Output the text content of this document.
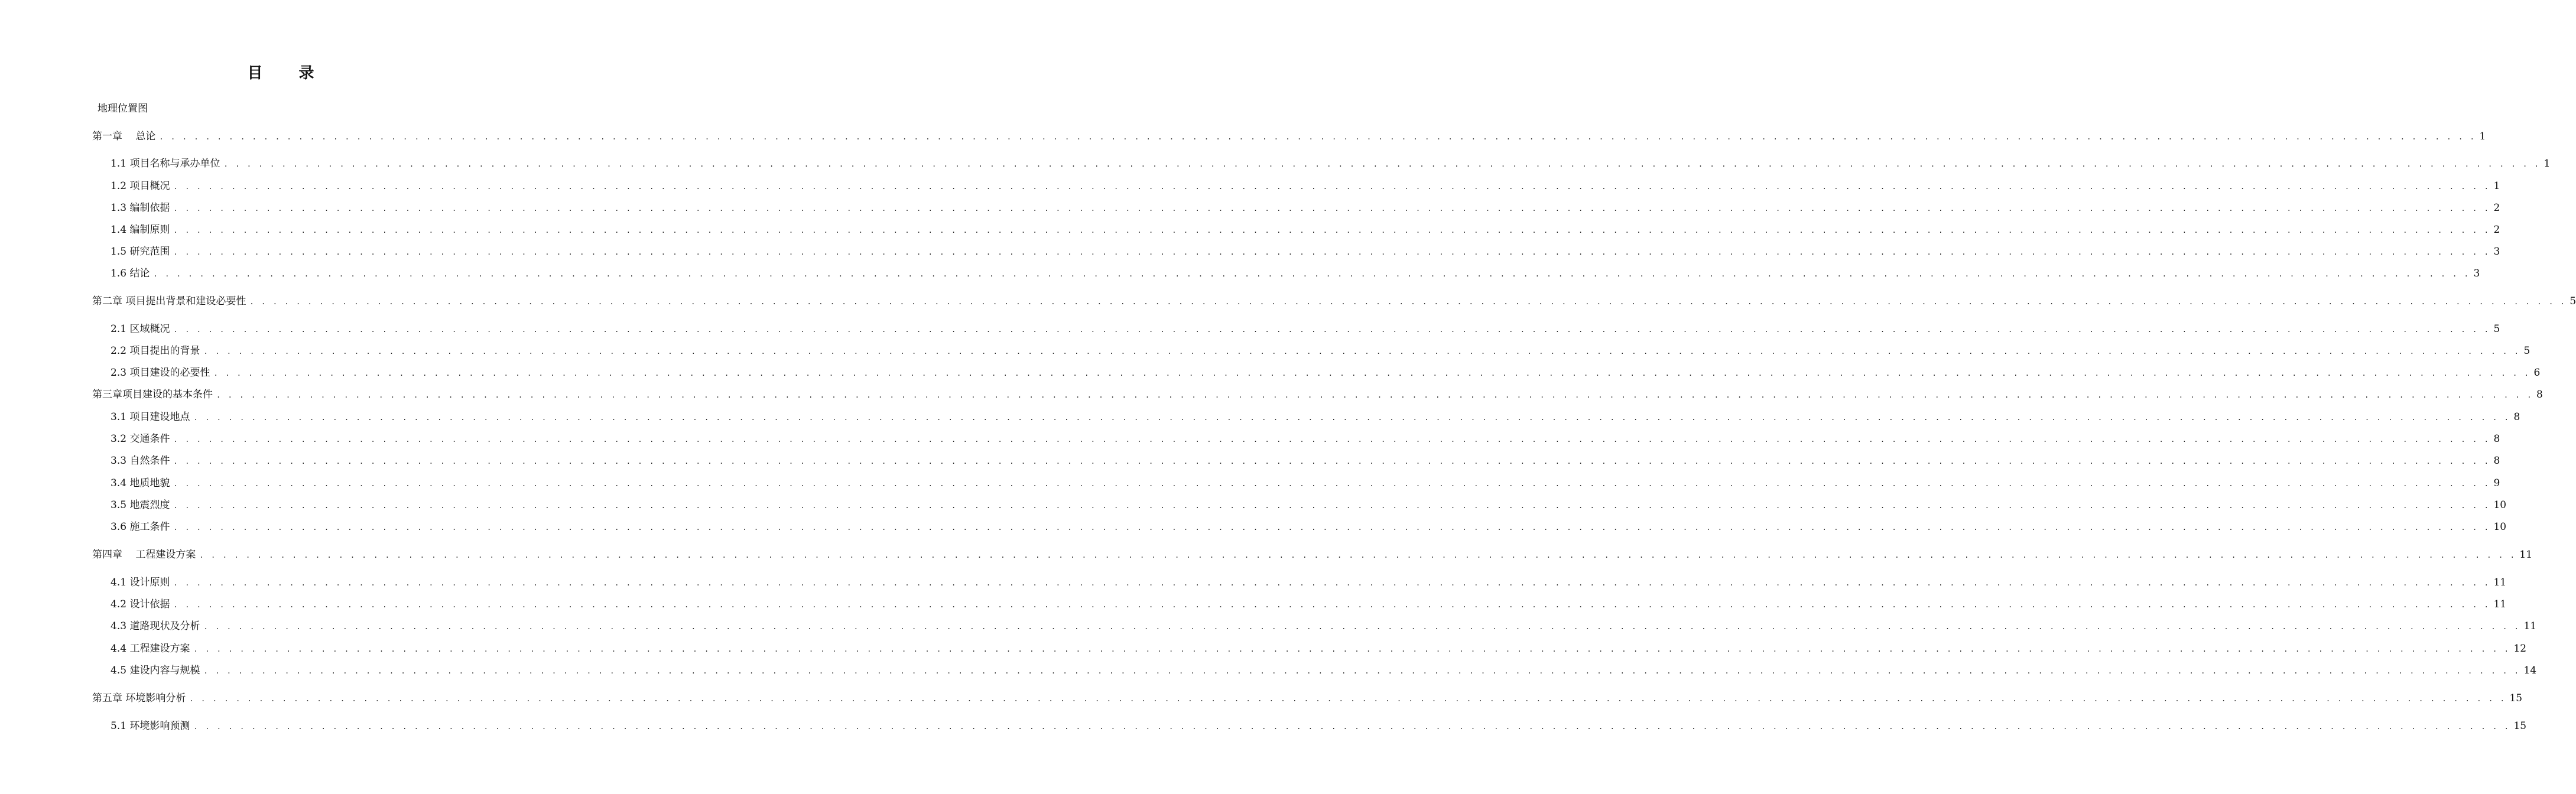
目 录
地理位置图
第一章　 总论 . . . . . . . . . . . . . . . . . . . . . . . . . . . . . . . . . . . . . . . . . . . . . . . . . . . . . . . . . . . . . . . . . . . . . . . . . . . . . . . . . . . . . . . . . . . . . . . . . . . . . . . . . . . . . . . . . . . . . . . . . . . . . . . . . . . . . . . . . . . . . . . . . . . . . . . . . . . . . . . . . . . . . . . . . . . . . . . . . . . . . . . . . . . . . . . . . . . . . . . . 1
1.1 项目名称与承办单位 . . . . . . . . . . . . . . . . . . . . . . . . . . . . . . . . . . . . . . . . . . . . . . . . . . . . . . . . . . . . . . . . . . . . . . . . . . . . . . . . . . . . . . . . . . . . . . . . . . . . . . . . . . . . . . . . . . . . . . . . . . . . . . . . . . . . . . . . . . . . . . . . . . . . . . . . . . . . . . . . . . . . . . . . . . . . . . . . . . . . . . . . . . . . . . . . . . . . . . . . 1
1.2 项目概况 . . . . . . . . . . . . . . . . . . . . . . . . . . . . . . . . . . . . . . . . . . . . . . . . . . . . . . . . . . . . . . . . . . . . . . . . . . . . . . . . . . . . . . . . . . . . . . . . . . . . . . . . . . . . . . . . . . . . . . . . . . . . . . . . . . . . . . . . . . . . . . . . . . . . . . . . . . . . . . . . . . . . . . . . . . . . . . . . . . . . . . . . . . . . . . . . . . . . . . . . 1
1.3 编制依据 . . . . . . . . . . . . . . . . . . . . . . . . . . . . . . . . . . . . . . . . . . . . . . . . . . . . . . . . . . . . . . . . . . . . . . . . . . . . . . . . . . . . . . . . . . . . . . . . . . . . . . . . . . . . . . . . . . . . . . . . . . . . . . . . . . . . . . . . . . . . . . . . . . . . . . . . . . . . . . . . . . . . . . . . . . . . . . . . . . . . . . . . . . . . . . . . . . . . . . . . 2
1.4 编制原则 . . . . . . . . . . . . . . . . . . . . . . . . . . . . . . . . . . . . . . . . . . . . . . . . . . . . . . . . . . . . . . . . . . . . . . . . . . . . . . . . . . . . . . . . . . . . . . . . . . . . . . . . . . . . . . . . . . . . . . . . . . . . . . . . . . . . . . . . . . . . . . . . . . . . . . . . . . . . . . . . . . . . . . . . . . . . . . . . . . . . . . . . . . . . . . . . . . . . . . . . 2
1.5 研究范围 . . . . . . . . . . . . . . . . . . . . . . . . . . . . . . . . . . . . . . . . . . . . . . . . . . . . . . . . . . . . . . . . . . . . . . . . . . . . . . . . . . . . . . . . . . . . . . . . . . . . . . . . . . . . . . . . . . . . . . . . . . . . . . . . . . . . . . . . . . . . . . . . . . . . . . . . . . . . . . . . . . . . . . . . . . . . . . . . . . . . . . . . . . . . . . . . . . . . . . . . 3
1.6 结论 . . . . . . . . . . . . . . . . . . . . . . . . . . . . . . . . . . . . . . . . . . . . . . . . . . . . . . . . . . . . . . . . . . . . . . . . . . . . . . . . . . . . . . . . . . . . . . . . . . . . . . . . . . . . . . . . . . . . . . . . . . . . . . . . . . . . . . . . . . . . . . . . . . . . . . . . . . . . . . . . . . . . . . . . . . . . . . . . . . . . . . . . . . . . . . . . . . . . . . . . 3
第二章 项目提出背景和建设必要性 . . . . . . . . . . . . . . . . . . . . . . . . . . . . . . . . . . . . . . . . . . . . . . . . . . . . . . . . . . . . . . . . . . . . . . . . . . . . . . . . . . . . . . . . . . . . . . . . . . . . . . . . . . . . . . . . . . . . . . . . . . . . . . . . . . . . . . . . . . . . . . . . . . . . . . . . . . . . . . . . . . . . . . . . . . . . . . . . . . . . . . . . . . . . . . . . . . . . . . . . 5
2.1 区域概况 . . . . . . . . . . . . . . . . . . . . . . . . . . . . . . . . . . . . . . . . . . . . . . . . . . . . . . . . . . . . . . . . . . . . . . . . . . . . . . . . . . . . . . . . . . . . . . . . . . . . . . . . . . . . . . . . . . . . . . . . . . . . . . . . . . . . . . . . . . . . . . . . . . . . . . . . . . . . . . . . . . . . . . . . . . . . . . . . . . . . . . . . . . . . . . . . . . . . . . . . 5
2.2 项目提出的背景 . . . . . . . . . . . . . . . . . . . . . . . . . . . . . . . . . . . . . . . . . . . . . . . . . . . . . . . . . . . . . . . . . . . . . . . . . . . . . . . . . . . . . . . . . . . . . . . . . . . . . . . . . . . . . . . . . . . . . . . . . . . . . . . . . . . . . . . . . . . . . . . . . . . . . . . . . . . . . . . . . . . . . . . . . . . . . . . . . . . . . . . . . . . . . . . . . . . . . . . . 5
2.3 项目建设的必要性 . . . . . . . . . . . . . . . . . . . . . . . . . . . . . . . . . . . . . . . . . . . . . . . . . . . . . . . . . . . . . . . . . . . . . . . . . . . . . . . . . . . . . . . . . . . . . . . . . . . . . . . . . . . . . . . . . . . . . . . . . . . . . . . . . . . . . . . . . . . . . . . . . . . . . . . . . . . . . . . . . . . . . . . . . . . . . . . . . . . . . . . . . . . . . . . . . . . . . . . . 6
第三章项目建设的基本条件 . . . . . . . . . . . . . . . . . . . . . . . . . . . . . . . . . . . . . . . . . . . . . . . . . . . . . . . . . . . . . . . . . . . . . . . . . . . . . . . . . . . . . . . . . . . . . . . . . . . . . . . . . . . . . . . . . . . . . . . . . . . . . . . . . . . . . . . . . . . . . . . . . . . . . . . . . . . . . . . . . . . . . . . . . . . . . . . . . . . . . . . . . . . . . . . . . . . . . . . . 8
3.1 项目建设地点 . . . . . . . . . . . . . . . . . . . . . . . . . . . . . . . . . . . . . . . . . . . . . . . . . . . . . . . . . . . . . . . . . . . . . . . . . . . . . . . . . . . . . . . . . . . . . . . . . . . . . . . . . . . . . . . . . . . . . . . . . . . . . . . . . . . . . . . . . . . . . . . . . . . . . . . . . . . . . . . . . . . . . . . . . . . . . . . . . . . . . . . . . . . . . . . . . . . . . . . . 8
3.2 交通条件 . . . . . . . . . . . . . . . . . . . . . . . . . . . . . . . . . . . . . . . . . . . . . . . . . . . . . . . . . . . . . . . . . . . . . . . . . . . . . . . . . . . . . . . . . . . . . . . . . . . . . . . . . . . . . . . . . . . . . . . . . . . . . . . . . . . . . . . . . . . . . . . . . . . . . . . . . . . . . . . . . . . . . . . . . . . . . . . . . . . . . . . . . . . . . . . . . . . . . . . . 8
3.3 自然条件 . . . . . . . . . . . . . . . . . . . . . . . . . . . . . . . . . . . . . . . . . . . . . . . . . . . . . . . . . . . . . . . . . . . . . . . . . . . . . . . . . . . . . . . . . . . . . . . . . . . . . . . . . . . . . . . . . . . . . . . . . . . . . . . . . . . . . . . . . . . . . . . . . . . . . . . . . . . . . . . . . . . . . . . . . . . . . . . . . . . . . . . . . . . . . . . . . . . . . . . . 8
3.4 地质地貌 . . . . . . . . . . . . . . . . . . . . . . . . . . . . . . . . . . . . . . . . . . . . . . . . . . . . . . . . . . . . . . . . . . . . . . . . . . . . . . . . . . . . . . . . . . . . . . . . . . . . . . . . . . . . . . . . . . . . . . . . . . . . . . . . . . . . . . . . . . . . . . . . . . . . . . . . . . . . . . . . . . . . . . . . . . . . . . . . . . . . . . . . . . . . . . . . . . . . . . . . 9
3.5 地震烈度 . . . . . . . . . . . . . . . . . . . . . . . . . . . . . . . . . . . . . . . . . . . . . . . . . . . . . . . . . . . . . . . . . . . . . . . . . . . . . . . . . . . . . . . . . . . . . . . . . . . . . . . . . . . . . . . . . . . . . . . . . . . . . . . . . . . . . . . . . . . . . . . . . . . . . . . . . . . . . . . . . . . . . . . . . . . . . . . . . . . . . . . . . . . . . . . . . . . . . . . . 10
3.6 施工条件 . . . . . . . . . . . . . . . . . . . . . . . . . . . . . . . . . . . . . . . . . . . . . . . . . . . . . . . . . . . . . . . . . . . . . . . . . . . . . . . . . . . . . . . . . . . . . . . . . . . . . . . . . . . . . . . . . . . . . . . . . . . . . . . . . . . . . . . . . . . . . . . . . . . . . . . . . . . . . . . . . . . . . . . . . . . . . . . . . . . . . . . . . . . . . . . . . . . . . . . . 10
第四章　 工程建设方案 . . . . . . . . . . . . . . . . . . . . . . . . . . . . . . . . . . . . . . . . . . . . . . . . . . . . . . . . . . . . . . . . . . . . . . . . . . . . . . . . . . . . . . . . . . . . . . . . . . . . . . . . . . . . . . . . . . . . . . . . . . . . . . . . . . . . . . . . . . . . . . . . . . . . . . . . . . . . . . . . . . . . . . . . . . . . . . . . . . . . . . . . . . . . . . . . . . . . . . . . 11
4.1 设计原则 . . . . . . . . . . . . . . . . . . . . . . . . . . . . . . . . . . . . . . . . . . . . . . . . . . . . . . . . . . . . . . . . . . . . . . . . . . . . . . . . . . . . . . . . . . . . . . . . . . . . . . . . . . . . . . . . . . . . . . . . . . . . . . . . . . . . . . . . . . . . . . . . . . . . . . . . . . . . . . . . . . . . . . . . . . . . . . . . . . . . . . . . . . . . . . . . . . . . . . . . 11
4.2 设计依据 . . . . . . . . . . . . . . . . . . . . . . . . . . . . . . . . . . . . . . . . . . . . . . . . . . . . . . . . . . . . . . . . . . . . . . . . . . . . . . . . . . . . . . . . . . . . . . . . . . . . . . . . . . . . . . . . . . . . . . . . . . . . . . . . . . . . . . . . . . . . . . . . . . . . . . . . . . . . . . . . . . . . . . . . . . . . . . . . . . . . . . . . . . . . . . . . . . . . . . . . 11
4.3 道路现状及分析 . . . . . . . . . . . . . . . . . . . . . . . . . . . . . . . . . . . . . . . . . . . . . . . . . . . . . . . . . . . . . . . . . . . . . . . . . . . . . . . . . . . . . . . . . . . . . . . . . . . . . . . . . . . . . . . . . . . . . . . . . . . . . . . . . . . . . . . . . . . . . . . . . . . . . . . . . . . . . . . . . . . . . . . . . . . . . . . . . . . . . . . . . . . . . . . . . . . . . . . . 11
4.4 工程建设方案 . . . . . . . . . . . . . . . . . . . . . . . . . . . . . . . . . . . . . . . . . . . . . . . . . . . . . . . . . . . . . . . . . . . . . . . . . . . . . . . . . . . . . . . . . . . . . . . . . . . . . . . . . . . . . . . . . . . . . . . . . . . . . . . . . . . . . . . . . . . . . . . . . . . . . . . . . . . . . . . . . . . . . . . . . . . . . . . . . . . . . . . . . . . . . . . . . . . . . . . . 12
4.5 建设内容与规模 . . . . . . . . . . . . . . . . . . . . . . . . . . . . . . . . . . . . . . . . . . . . . . . . . . . . . . . . . . . . . . . . . . . . . . . . . . . . . . . . . . . . . . . . . . . . . . . . . . . . . . . . . . . . . . . . . . . . . . . . . . . . . . . . . . . . . . . . . . . . . . . . . . . . . . . . . . . . . . . . . . . . . . . . . . . . . . . . . . . . . . . . . . . . . . . . . . . . . . . . 14
第五章 环境影响分析 . . . . . . . . . . . . . . . . . . . . . . . . . . . . . . . . . . . . . . . . . . . . . . . . . . . . . . . . . . . . . . . . . . . . . . . . . . . . . . . . . . . . . . . . . . . . . . . . . . . . . . . . . . . . . . . . . . . . . . . . . . . . . . . . . . . . . . . . . . . . . . . . . . . . . . . . . . . . . . . . . . . . . . . . . . . . . . . . . . . . . . . . . . . . . . . . . . . . . . . . 15
5.1 环境影响预测 . . . . . . . . . . . . . . . . . . . . . . . . . . . . . . . . . . . . . . . . . . . . . . . . . . . . . . . . . . . . . . . . . . . . . . . . . . . . . . . . . . . . . . . . . . . . . . . . . . . . . . . . . . . . . . . . . . . . . . . . . . . . . . . . . . . . . . . . . . . . . . . . . . . . . . . . . . . . . . . . . . . . . . . . . . . . . . . . . . . . . . . . . . . . . . . . . . . . . . . . 15
